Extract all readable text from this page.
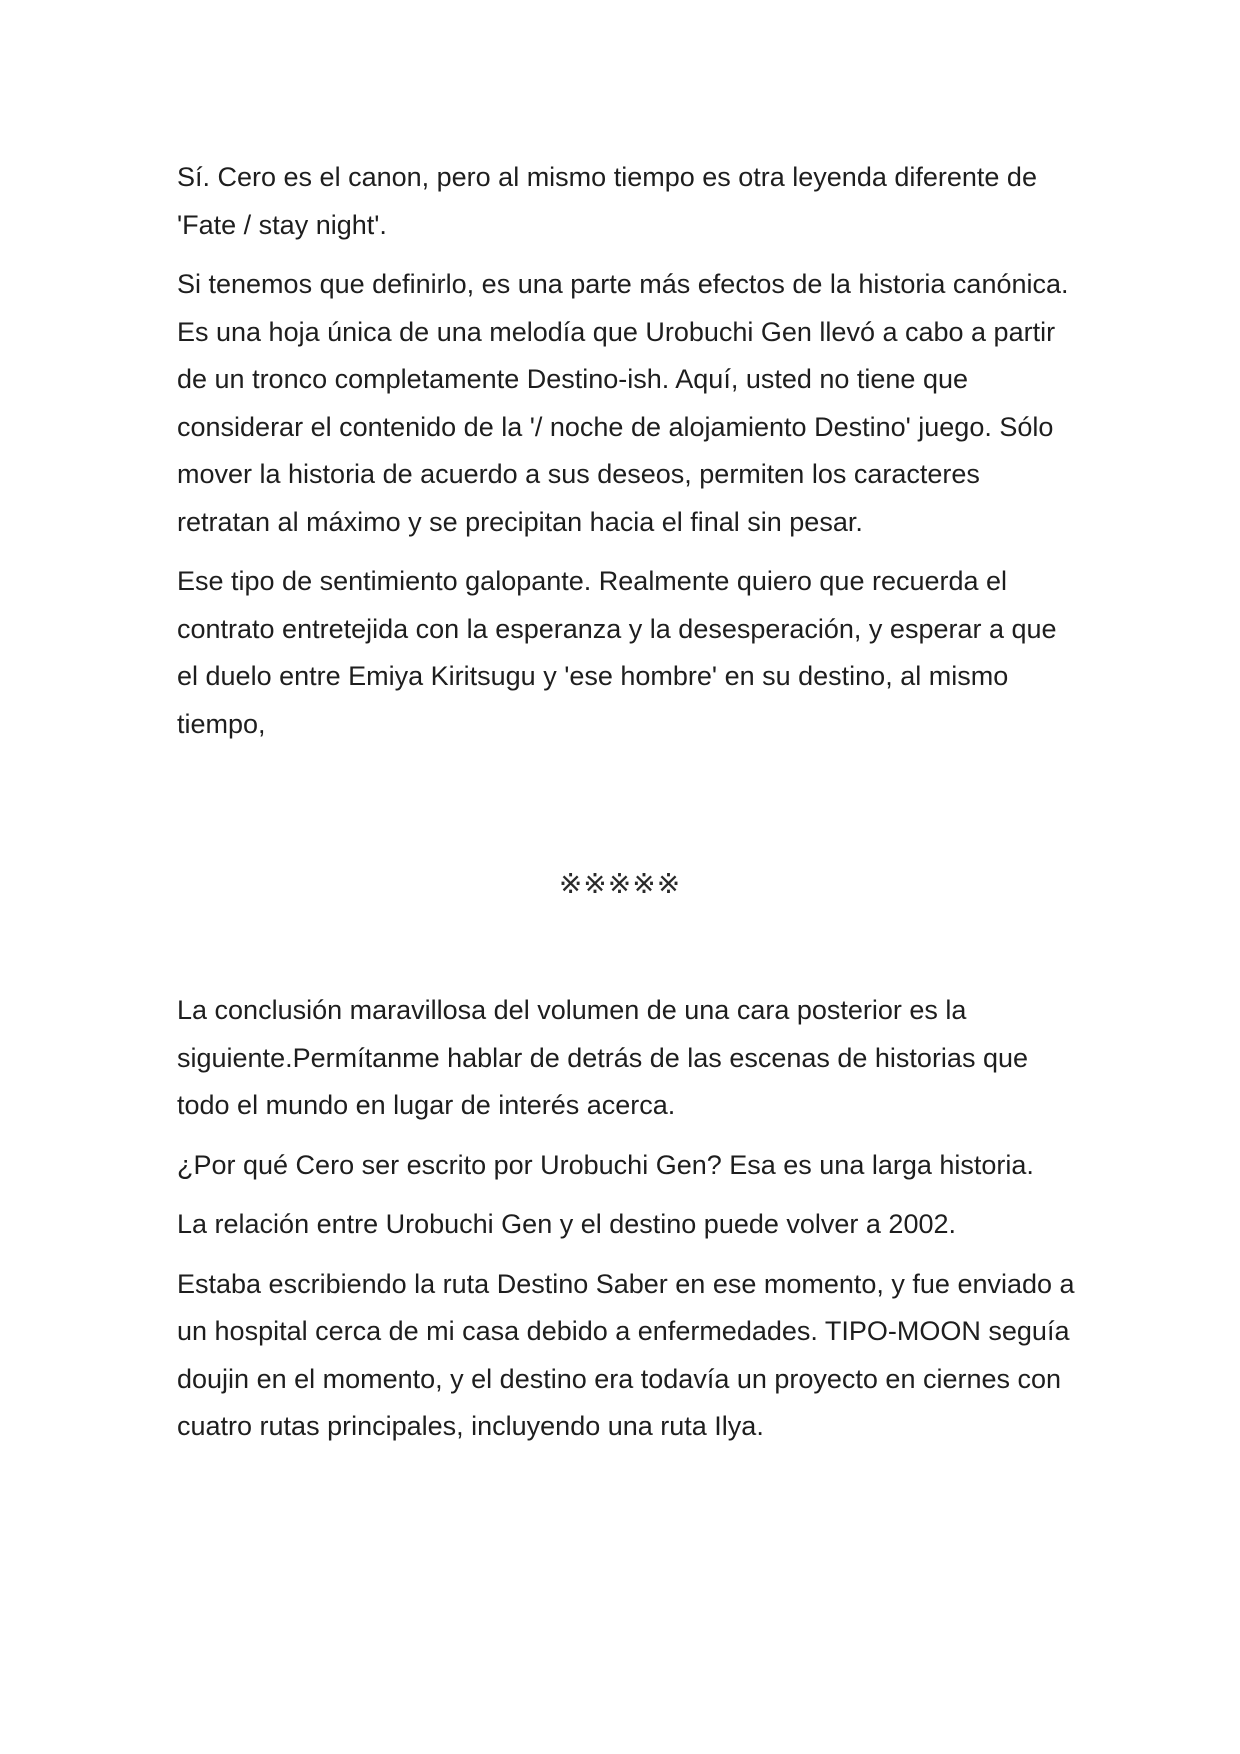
Sí. Cero es el canon, pero al mismo tiempo es otra leyenda diferente de 'Fate / stay night'.

Si tenemos que definirlo, es una parte más efectos de la historia canónica. Es una hoja única de una melodía que Urobuchi Gen llevó a cabo a partir de un tronco completamente Destino-ish. Aquí, usted no tiene que considerar el contenido de la '/ noche de alojamiento Destino' juego. Sólo mover la historia de acuerdo a sus deseos, permiten los caracteres retratan al máximo y se precipitan hacia el final sin pesar.

Ese tipo de sentimiento galopante. Realmente quiero que recuerda el contrato entretejida con la esperanza y la desesperación, y esperar a que el duelo entre Emiya Kiritsugu y 'ese hombre' en su destino, al mismo tiempo,

※※※※※

La conclusión maravillosa del volumen de una cara posterior es la siguiente.Permítanme hablar de detrás de las escenas de historias que todo el mundo en lugar de interés acerca.

¿Por qué Cero ser escrito por Urobuchi Gen? Esa es una larga historia.

La relación entre Urobuchi Gen y el destino puede volver a 2002.

Estaba escribiendo la ruta Destino Saber en ese momento, y fue enviado a un hospital cerca de mi casa debido a enfermedades. TIPO-MOON seguía doujin en el momento, y el destino era todavía un proyecto en ciernes con cuatro rutas principales, incluyendo una ruta Ilya.
